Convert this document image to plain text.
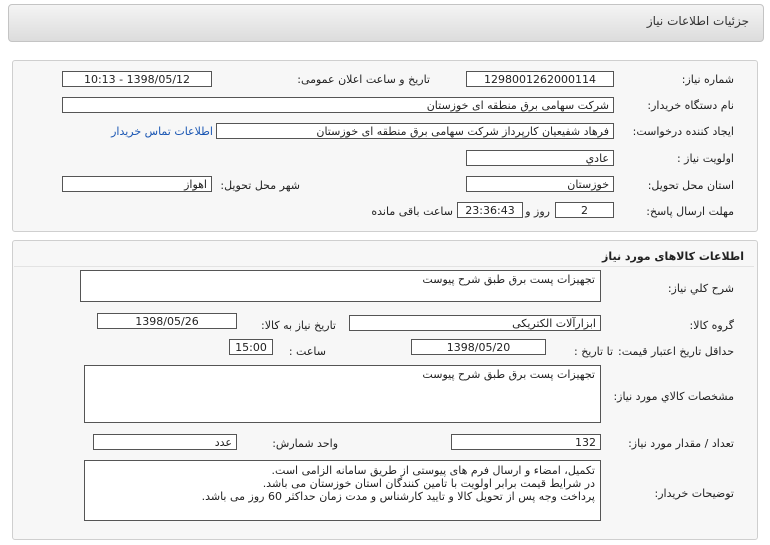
جزئيات اطلاعات نياز
شماره نياز:
1298001262000114
تاريخ و ساعت اعلان عمومی:
1398/05/12 - 10:13
نام دستگاه خريدار:
شرکت سهامی برق منطقه ای خوزستان
ايجاد کننده درخواست:
فرهاد شفيعيان کارپرداز شرکت سهامی برق منطقه ای خوزستان
اطلاعات تماس خريدار
اولويت نياز :
عادي
استان محل تحويل:
خوزستان
شهر محل تحويل:
اهواز
مهلت ارسال پاسخ:
2
روز و
23:36:43
ساعت باقی مانده
اطلاعات کالاهای مورد نياز
شرح کلي نياز:
تجهيزات پست برق طبق شرح پيوست
گروه کالا:
ابزارآلات الکتريکی
تاريخ نياز به کالا:
1398/05/26
حداقل تاريخ اعتبار قيمت:
تا تاريخ :
1398/05/20
ساعت :
15:00
مشخصات کالاي مورد نياز:
تجهيزات پست برق طبق شرح پيوست
تعداد / مقدار مورد نياز:
132
واحد شمارش:
عدد
توضيحات خريدار:
تکميل، امضاء و ارسال فرم های پيوستی از طريق سامانه الزامی است.
در شرايط قيمت برابر اولويت با تامين کنندگان استان خوزستان می باشد.
پرداخت وجه پس از تحويل کالا و تاييد کارشناس و مدت زمان حداکثر 60 روز می باشد.
